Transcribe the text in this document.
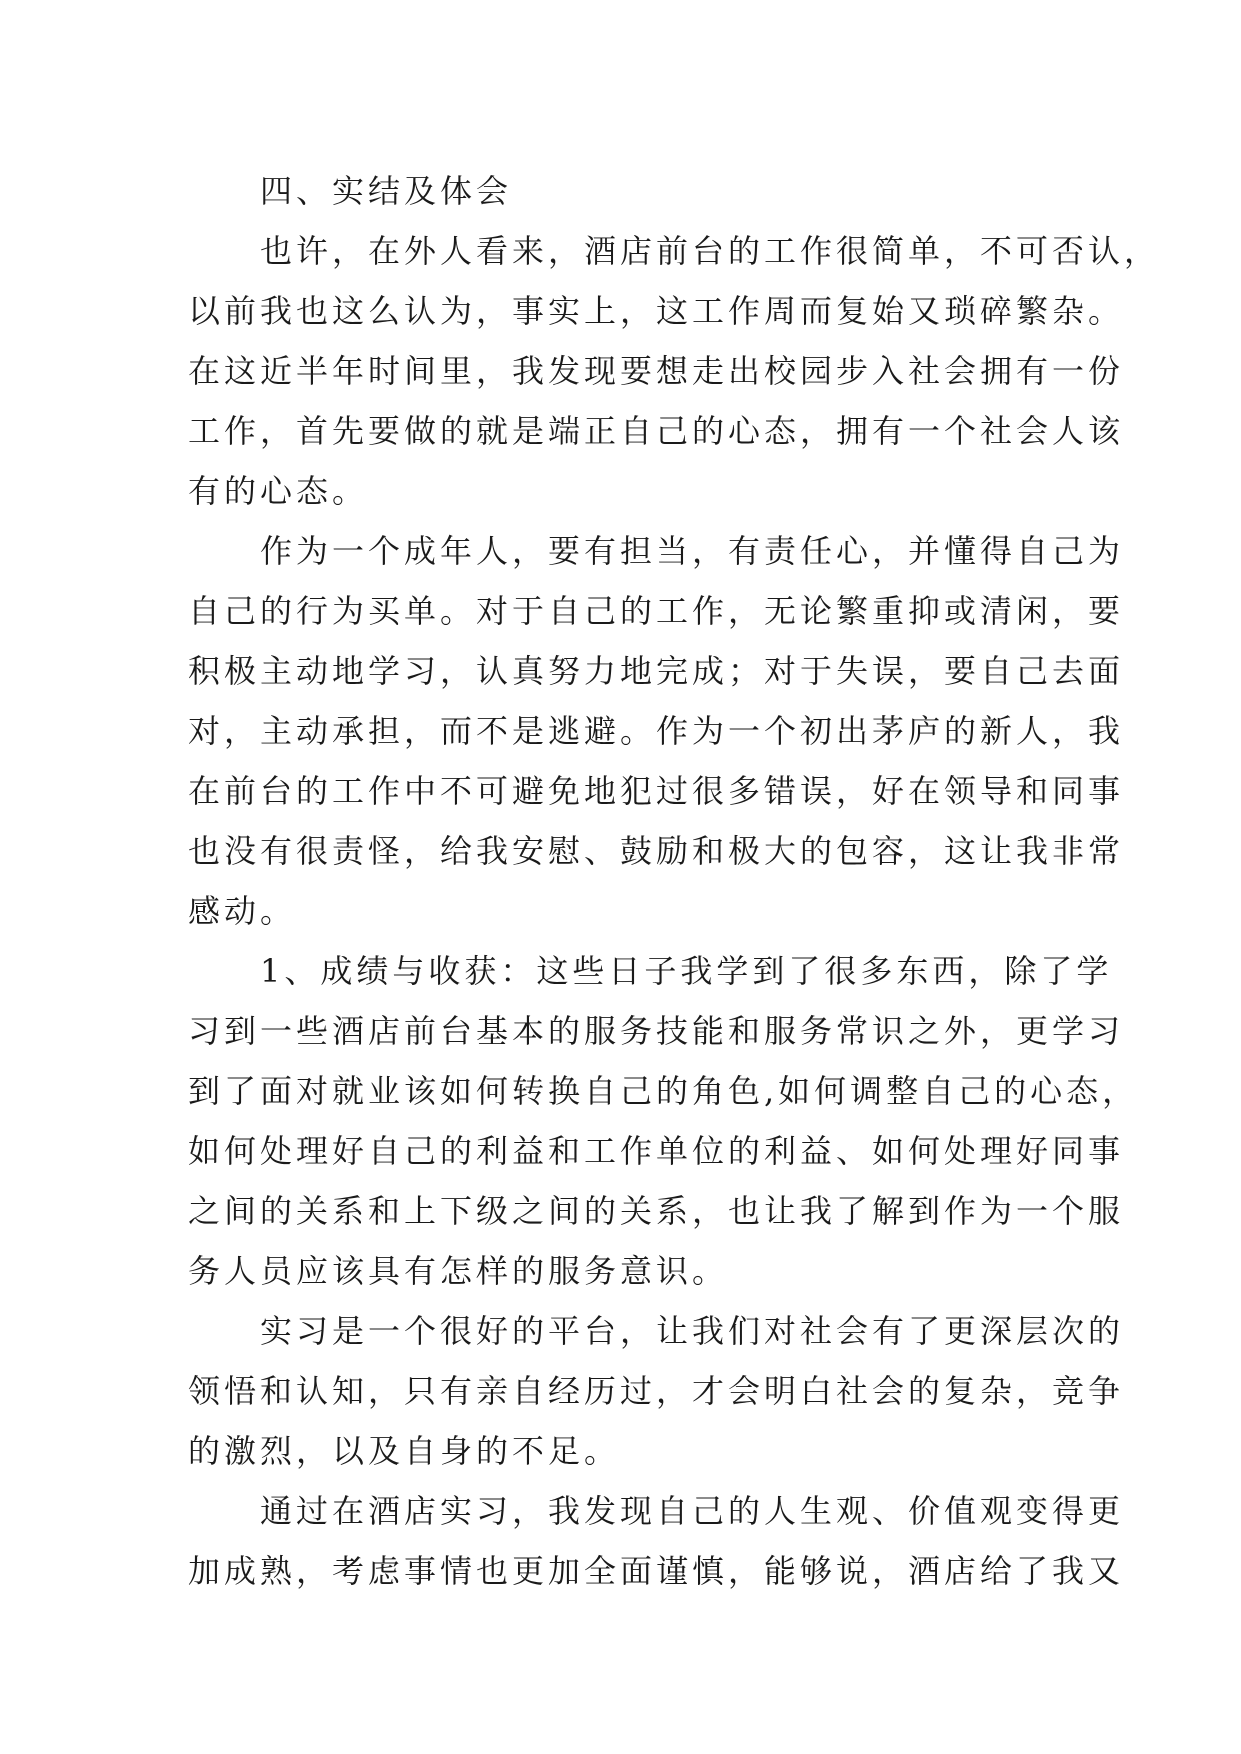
　　四、实结及体会
　　也许，在外人看来，酒店前台的工作很简单，不可否认，
以前我也这么认为，事实上，这工作周而复始又琐碎繁杂。
在这近半年时间里，我发现要想走出校园步入社会拥有一份
工作，首先要做的就是端正自己的心态，拥有一个社会人该
有的心态。
　　作为一个成年人，要有担当，有责任心，并懂得自己为
自己的行为买单。对于自己的工作，无论繁重抑或清闲，要
积极主动地学习，认真努力地完成；对于失误，要自己去面
对，主动承担，而不是逃避。作为一个初出茅庐的新人，我
在前台的工作中不可避免地犯过很多错误，好在领导和同事
也没有很责怪，给我安慰、鼓励和极大的包容，这让我非常
感动。
　　1、成绩与收获：这些日子我学到了很多东西，除了学
习到一些酒店前台基本的服务技能和服务常识之外，更学习
到了面对就业该如何转换自己的角色,如何调整自己的心态，
如何处理好自己的利益和工作单位的利益、如何处理好同事
之间的关系和上下级之间的关系，也让我了解到作为一个服
务人员应该具有怎样的服务意识。
　　实习是一个很好的平台，让我们对社会有了更深层次的
领悟和认知，只有亲自经历过，才会明白社会的复杂，竞争
的激烈，以及自身的不足。
　　通过在酒店实习，我发现自己的人生观、价值观变得更
加成熟，考虑事情也更加全面谨慎，能够说，酒店给了我又
